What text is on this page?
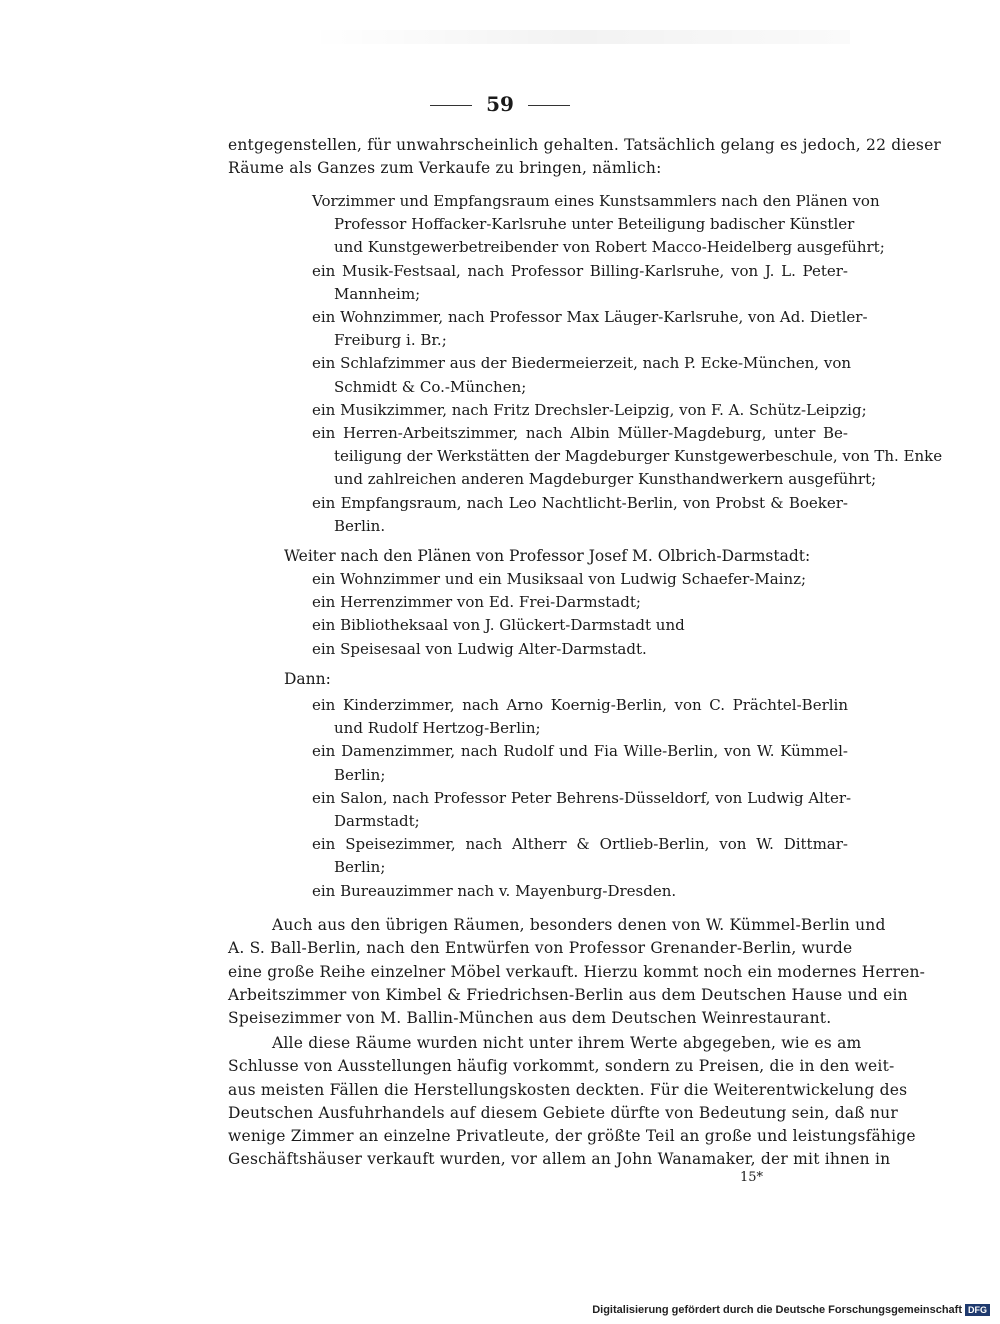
59
entgegenstellen, für unwahrscheinlich gehalten. Tatsächlich gelang es jedoch, 22 dieser
Räume als Ganzes zum Verkaufe zu bringen, nämlich:
Vorzimmer und Empfangsraum eines Kunstsammlers nach den Plänen von
Professor Hoffacker-Karlsruhe unter Beteiligung badischer Künstler
und Kunstgewerbetreibender von Robert Macco-Heidelberg ausgeführt;
ein Musik-Festsaal, nach Professor Billing-Karlsruhe, von J. L. Peter-
Mannheim;
ein Wohnzimmer, nach Professor Max Läuger-Karlsruhe, von Ad. Dietler-
Freiburg i. Br.;
ein Schlafzimmer aus der Biedermeierzeit, nach P. Ecke-München, von
Schmidt & Co.-München;
ein Musikzimmer, nach Fritz Drechsler-Leipzig, von F. A. Schütz-Leipzig;
ein Herren-Arbeitszimmer, nach Albin Müller-Magdeburg, unter Be-
teiligung der Werkstätten der Magdeburger Kunstgewerbeschule, von Th. Enke
und zahlreichen anderen Magdeburger Kunsthandwerkern ausgeführt;
ein Empfangsraum, nach Leo Nachtlicht-Berlin, von Probst & Boeker-
Berlin.
Weiter nach den Plänen von Professor Josef M. Olbrich-Darmstadt:
ein Wohnzimmer und ein Musiksaal von Ludwig Schaefer-Mainz;
ein Herrenzimmer von Ed. Frei-Darmstadt;
ein Bibliotheksaal von J. Glückert-Darmstadt und
ein Speisesaal von Ludwig Alter-Darmstadt.
Dann:
ein Kinderzimmer, nach Arno Koernig-Berlin, von C. Prächtel-Berlin
und Rudolf Hertzog-Berlin;
ein Damenzimmer, nach Rudolf und Fia Wille-Berlin, von W. Kümmel-
Berlin;
ein Salon, nach Professor Peter Behrens-Düsseldorf, von Ludwig Alter-
Darmstadt;
ein Speisezimmer, nach Altherr & Ortlieb-Berlin, von W. Dittmar-
Berlin;
ein Bureauzimmer nach v. Mayenburg-Dresden.
Auch aus den übrigen Räumen, besonders denen von W. Kümmel-Berlin und
A. S. Ball-Berlin, nach den Entwürfen von Professor Grenander-Berlin, wurde
eine große Reihe einzelner Möbel verkauft. Hierzu kommt noch ein modernes Herren-
Arbeitszimmer von Kimbel & Friedrichsen-Berlin aus dem Deutschen Hause und ein
Speisezimmer von M. Ballin-München aus dem Deutschen Weinrestaurant.
Alle diese Räume wurden nicht unter ihrem Werte abgegeben, wie es am
Schlusse von Ausstellungen häufig vorkommt, sondern zu Preisen, die in den weit-
aus meisten Fällen die Herstellungskosten deckten. Für die Weiterentwickelung des
Deutschen Ausfuhrhandels auf diesem Gebiete dürfte von Bedeutung sein, daß nur
wenige Zimmer an einzelne Privatleute, der größte Teil an große und leistungsfähige
Geschäftshäuser verkauft wurden, vor allem an John Wanamaker, der mit ihnen in
15*
Digitalisierung gefördert durch die Deutsche Forschungsgemeinschaft DFG
